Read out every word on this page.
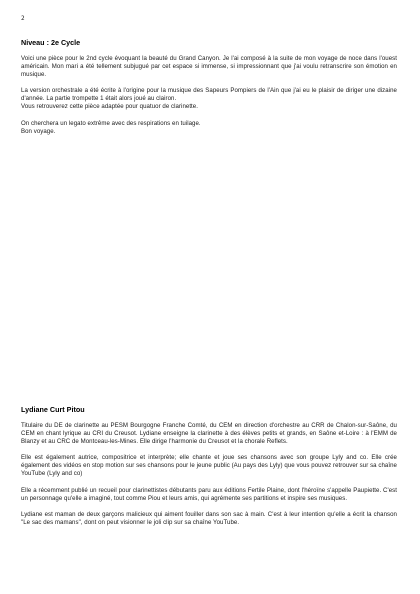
2
Niveau : 2e Cycle

Voici une pièce pour le 2nd cycle évoquant la beauté du Grand Canyon. Je l'ai composé à la suite de mon voyage de noce dans l'ouest américain. Mon mari a été tellement subjugué par cet espace si immense, si impressionnant que j'ai voulu retranscrire son émotion en musique.

La version orchestrale a été écrite à l'origine pour la musique des Sapeurs Pompiers de l'Ain que j'ai eu le plaisir de diriger une dizaine d'année. La partie trompette 1 était alors joué au clairon.

Vous retrouverez cette pièce adaptée pour quatuor de clarinette.

On cherchera un legato extrême avec des respirations en tuilage.

Bon voyage.

Lydiane Curt Pitou

Titulaire du DE de clarinette au PESM Bourgogne Franche Comté, du CEM en direction d'orchestre au CRR de Chalon-sur-Saône, du CEM en chant lyrique au CRI du Creusot. Lydiane enseigne la clarinette à des élèves petits et grands, en Saône et-Loire : à l'EMM de Blanzy et au CRC de Montceau-les-Mines. Elle dirige l'harmonie du Creusot et la chorale Reflets.

Elle est également autrice, compositrice et interprète; elle chante et joue ses chansons avec son groupe Lyly and co. Elle crée également des vidéos en stop motion sur ses chansons pour le jeune public (Au pays des Lyly) que vous pouvez retrouver sur sa chaîne YouTube (Lyly and co)

Elle a récemment publié un recueil pour clarinettistes débutants paru aux éditions Fertile Plaine, dont l'héroïne s'appelle Paupiette. C'est un personnage qu'elle a imaginé, tout comme Piou et leurs amis, qui agrémente ses partitions et inspire ses musiques.

Lydiane est maman de deux garçons malicieux qui aiment fouiller dans son sac à main. C'est à leur intention qu'elle a écrit la chanson "Le sac des mamans", dont on peut visionner le joli clip sur sa chaîne YouTube.
